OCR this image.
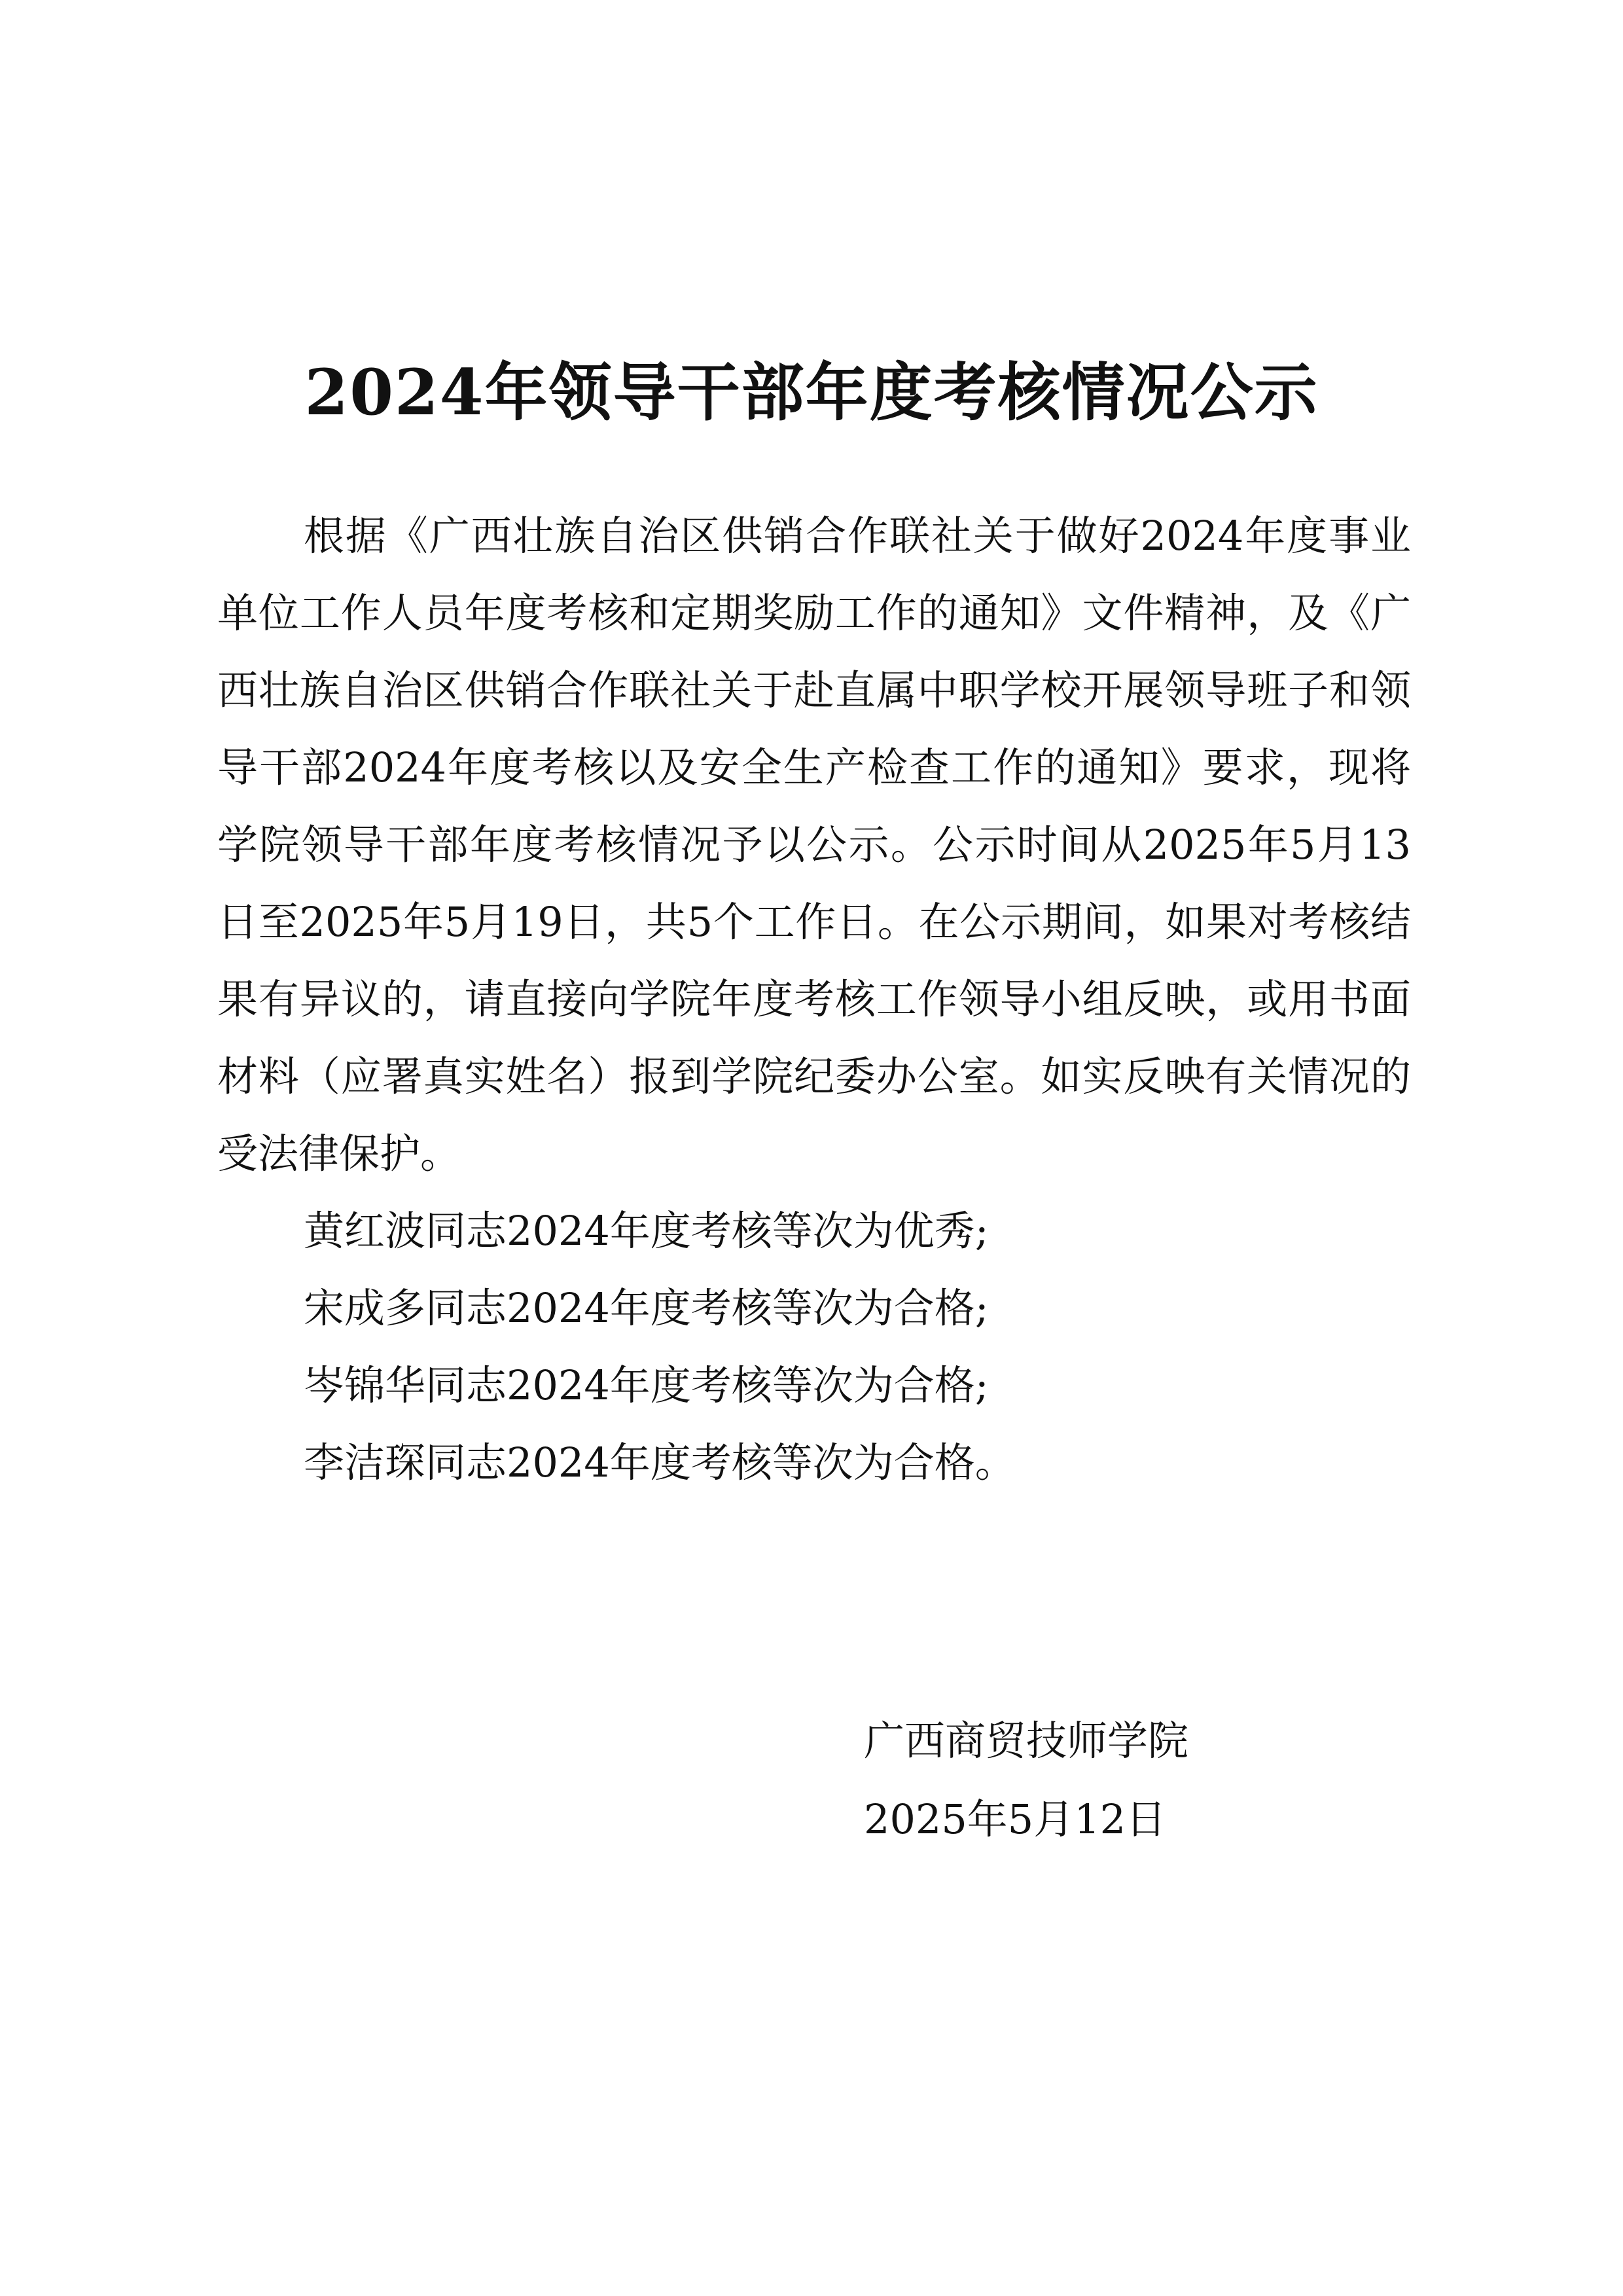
2024年领导干部年度考核情况公示

根据《广西壮族自治区供销合作联社关于做好2024年度事业单位工作人员年度考核和定期奖励工作的通知》文件精神，及《广西壮族自治区供销合作联社关于赴直属中职学校开展领导班子和领导干部2024年度考核以及安全生产检查工作的通知》要求，现将学院领导干部年度考核情况予以公示。公示时间从2025年5月13日至2025年5月19日，共5个工作日。在公示期间，如果对考核结果有异议的，请直接向学院年度考核工作领导小组反映，或用书面材料（应署真实姓名）报到学院纪委办公室。如实反映有关情况的受法律保护。

黄红波同志2024年度考核等次为优秀;
宋成多同志2024年度考核等次为合格;
岑锦华同志2024年度考核等次为合格;
李洁琛同志2024年度考核等次为合格。
广西商贸技师学院
2025年5月12日
